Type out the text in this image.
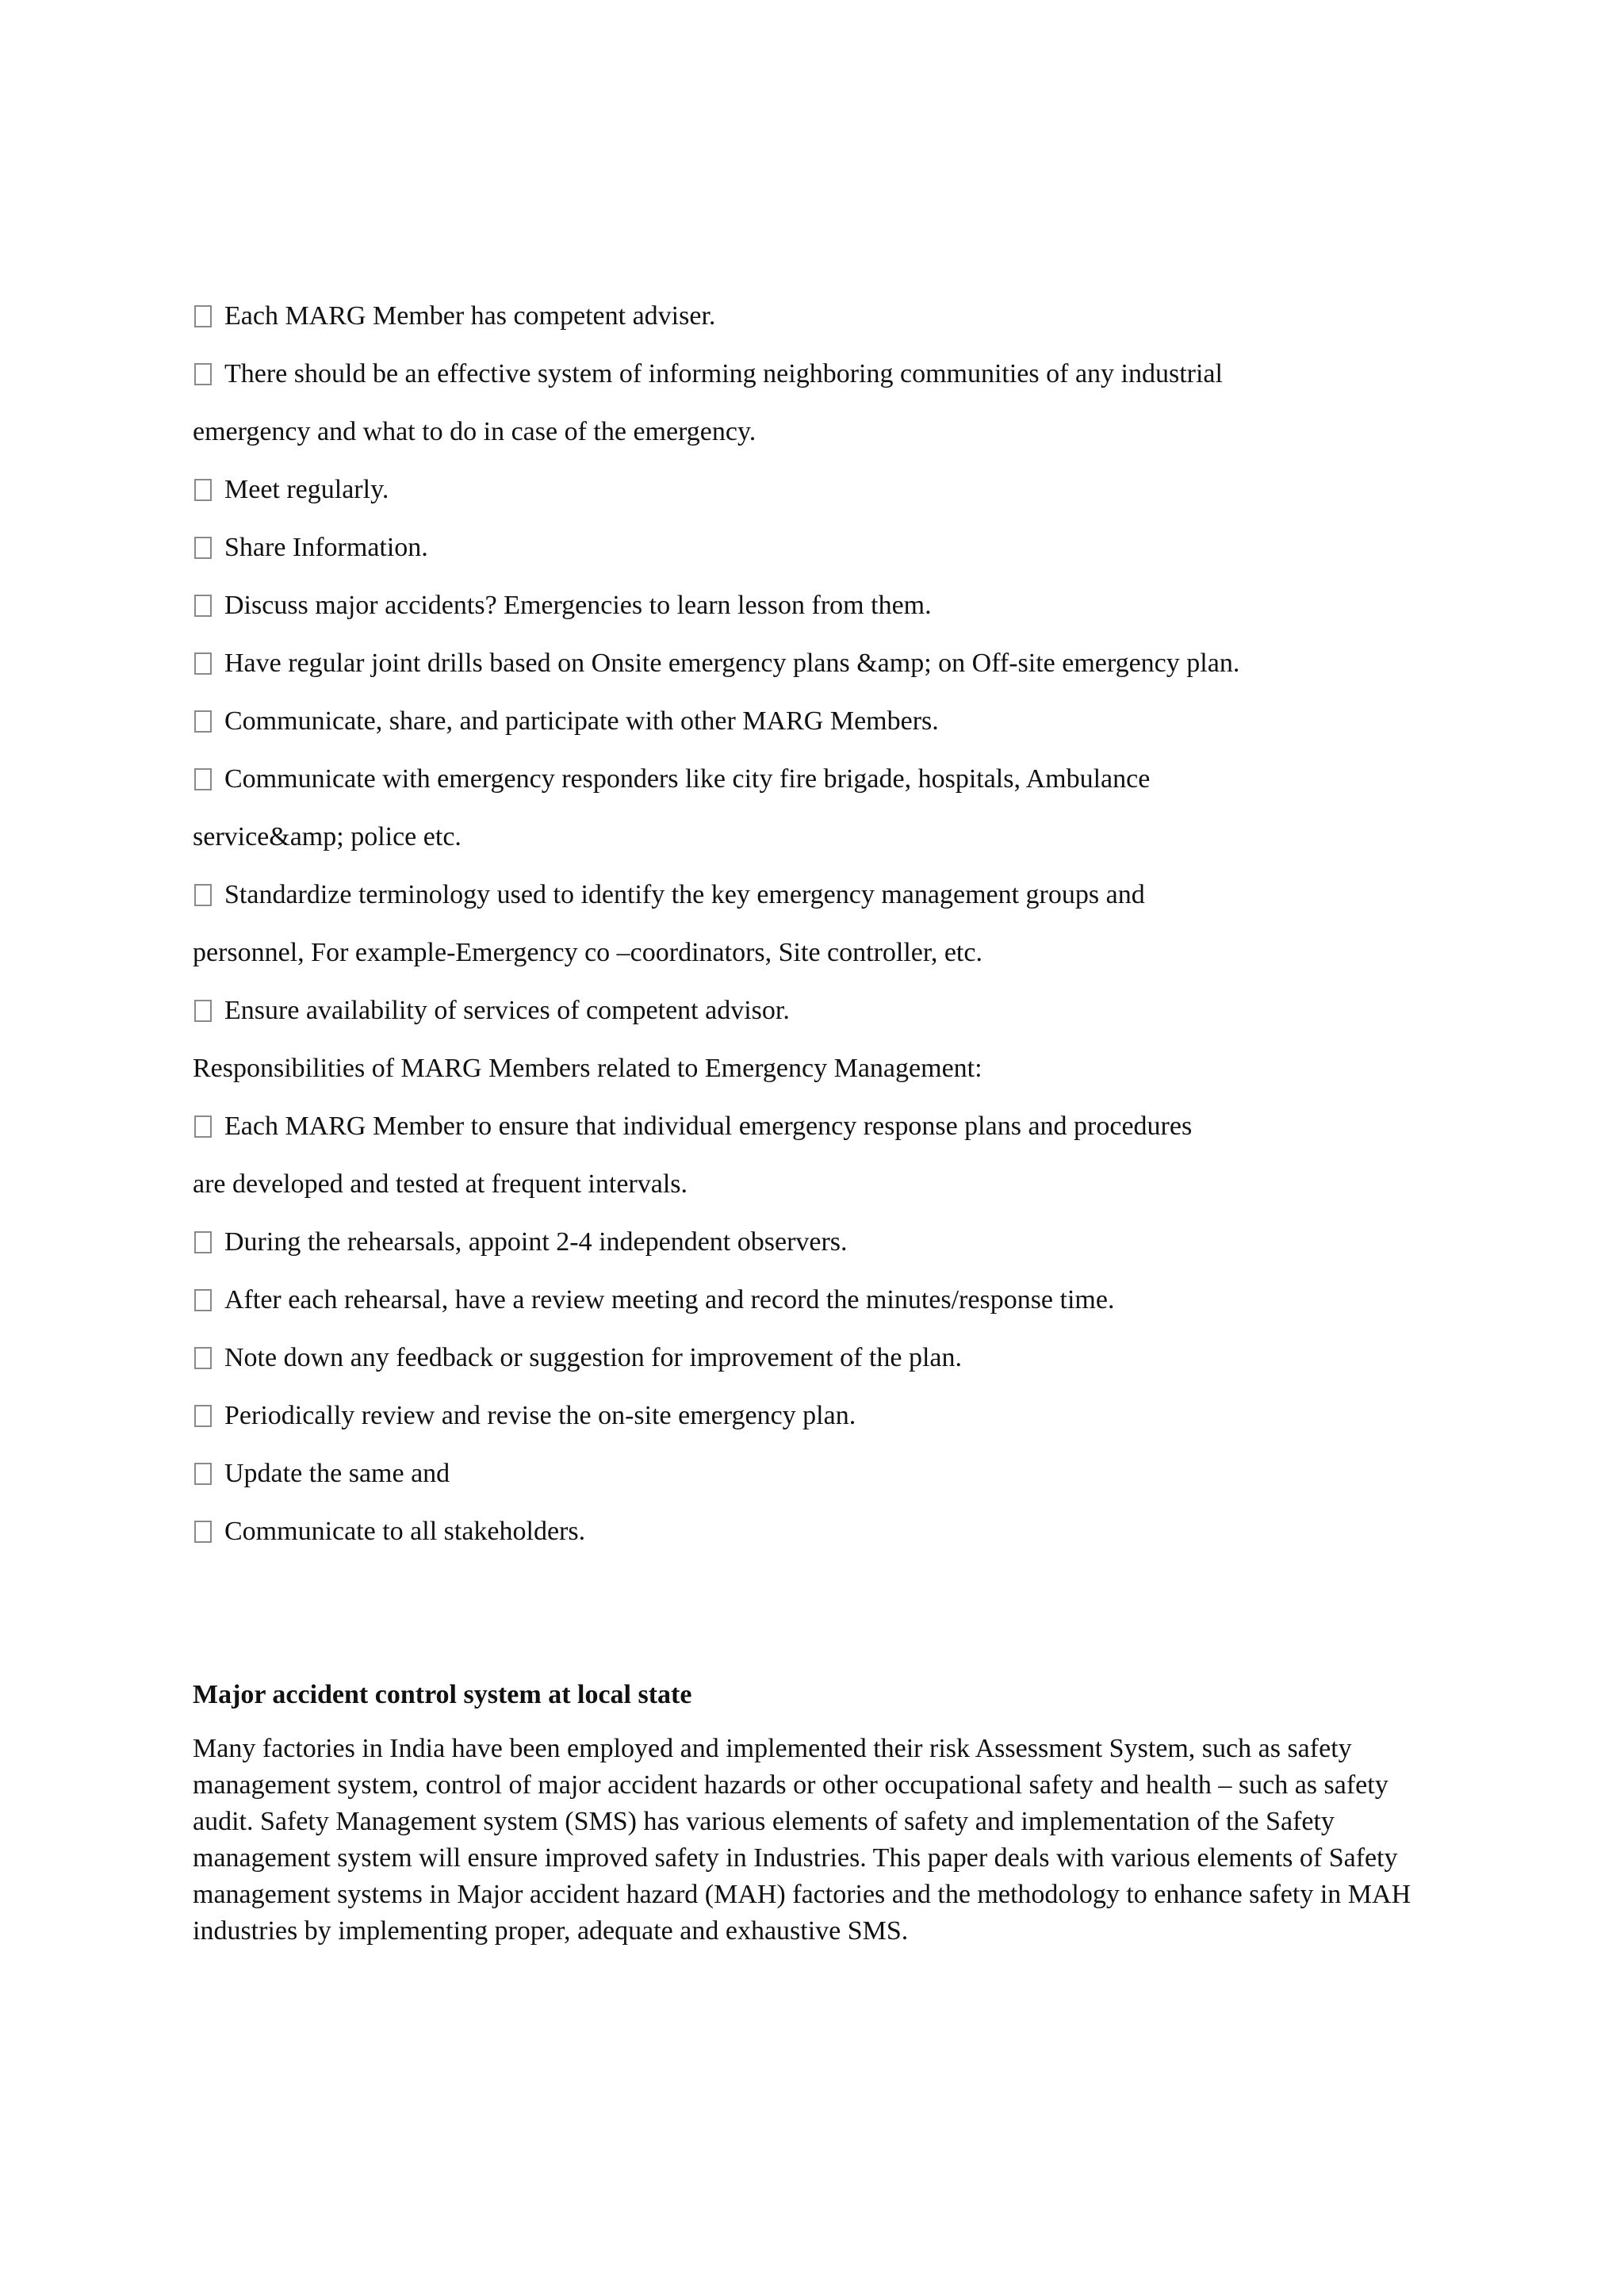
Each MARG Member has competent adviser.
There should be an effective system of informing neighboring communities of any industrial
emergency and what to do in case of the emergency.
Meet regularly.
Share Information.
Discuss major accidents? Emergencies to learn lesson from them.
Have regular joint drills based on Onsite emergency plans &amp; on Off-site emergency plan.
Communicate, share, and participate with other MARG Members.
Communicate with emergency responders like city fire brigade, hospitals, Ambulance
service&amp; police etc.
Standardize terminology used to identify the key emergency management groups and
personnel, For example-Emergency co –coordinators, Site controller, etc.
Ensure availability of services of competent advisor.
Responsibilities of MARG Members related to Emergency Management:
Each MARG Member to ensure that individual emergency response plans and procedures
are developed and tested at frequent intervals.
During the rehearsals, appoint 2-4 independent observers.
After each rehearsal, have a review meeting and record the minutes/response time.
Note down any feedback or suggestion for improvement of the plan.
Periodically review and revise the on-site emergency plan.
Update the same and
Communicate to all stakeholders.
Major accident control system at local state
Many factories in India have been employed and implemented their risk Assessment System, such as safety management system, control of major accident hazards or other occupational safety and health – such as safety audit. Safety Management system (SMS) has various elements of safety and implementation of the Safety management system will ensure improved safety in Industries. This paper deals with various elements of Safety management systems in Major accident hazard (MAH) factories and the methodology to enhance safety in MAH industries by implementing proper, adequate and exhaustive SMS.
